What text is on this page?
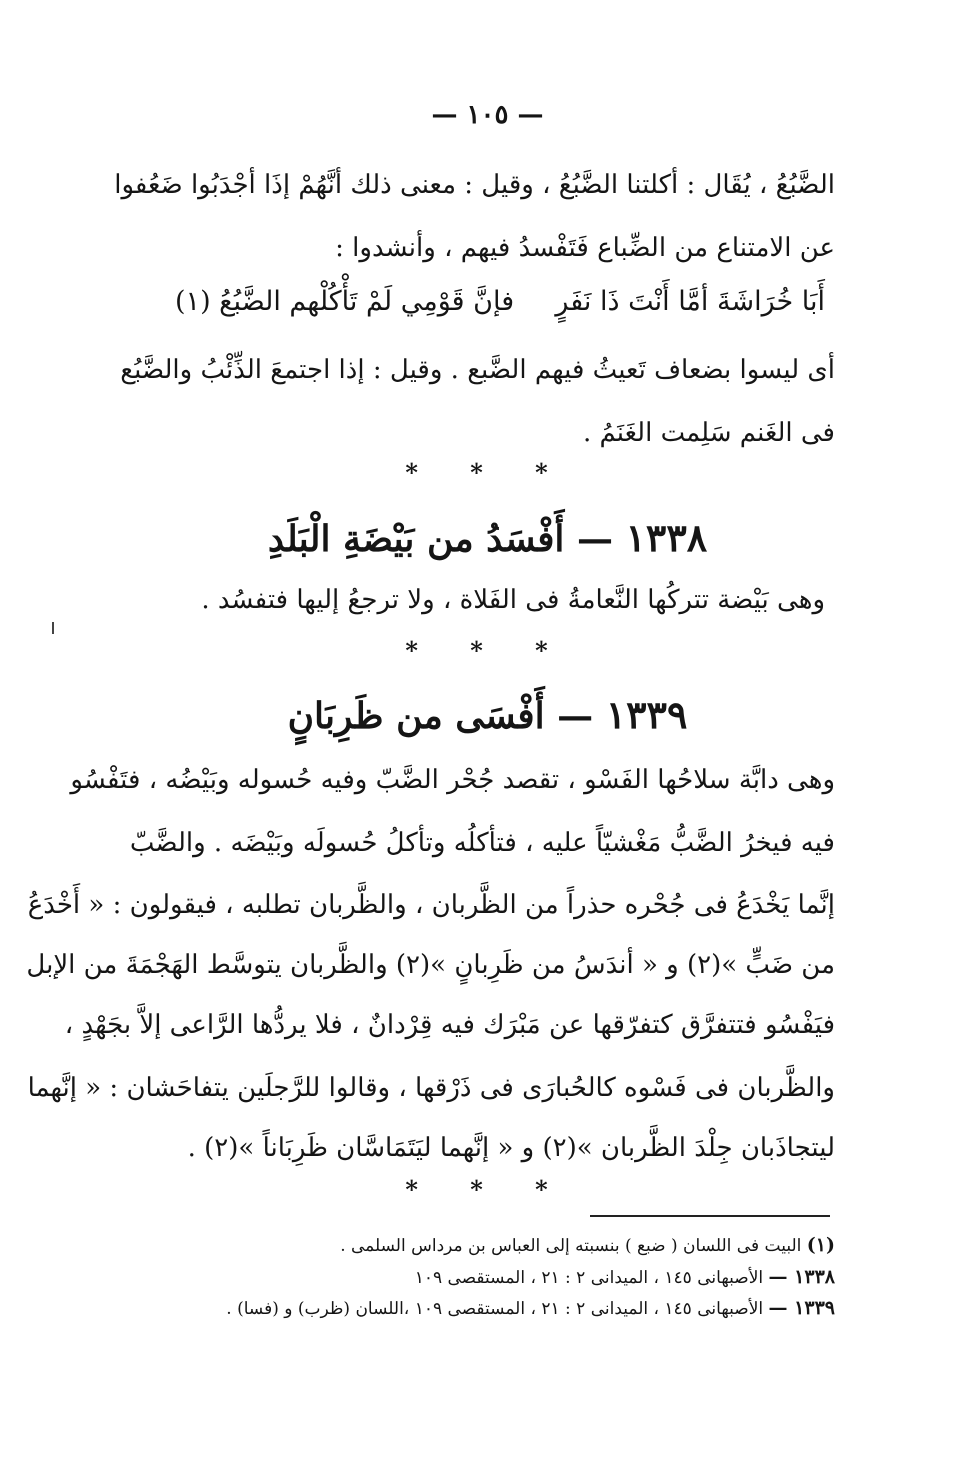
— ١٠٥ —
الضَّبُعُ ، يُقَال : أكلتنا الضَّبُعُ ، وقيل : معنى ذلك أنَّهُمْ إذَا أجْدَبُوا ضَعُفوا
عن الامتناع من الضِّباع فَتَفْسدُ فيهم ، وأنشدوا :
أَبَا خُرَاشَةَ أمَّا أَنْتَ ذَا نَفَرٍ
فإنَّ قَوْمِي لَمْ تَأْكُلْهم الضَّبُعُ (١)
أى ليسوا بضعاف تَعيثُ فيهم الضَّبع . وقيل : إذا اجتمعَ الذِّئْبُ والضَّبُع
فى الغَنم سَلِمت الغَنَمُ .
* * *
١٣٣٨ — أَفْسَدُ من بَيْضَةِ الْبَلَدِ
وهى بَيْضة تتركُها النَّعامةُ فى الفَلاة ، ولا ترجعُ إليها فتفسُد .
* * *
١٣٣٩ — أَفْسَى من ظَرِبَانٍ
وهى دابَّة سلاحُها الفَسْو ، تقصد جُحْر الضَّبّ وفيه حُسوله وبَيْضُه ، فتَفْسُو
فيه فيخرُ الضَّبُّ مَغْشيّاً عليه ، فتأكلُه وتأكلُ حُسولَه وبَيْضَه . والضَّبّ
إنَّما يَخْدَعُ فى جُحْره حذراً من الظَّربان ، والظَّربان تطلبه ، فيقولون : « أَخْدَعُ
من ضَبٍّ »(٢) و « أندَسُ من ظَرِبانٍ »(٢) والظَّربان يتوسَّط الهَجْمَةَ من الإبل
فيَفْسُو فتتفرَّق كتفرّقها عن مَبْرَك فيه قِرْدانٌ ، فلا يردُّها الرَّاعى إلاَّ بجَهْدٍ ،
والظَّربان فى فَسْوه كالحُبارَى فى ذَرْقها ، وقالوا للرَّجلَين يتفاحَشان : « إنَّهما
ليتجاذَبان جِلْدَ الظَّربان »(٢) و « إنَّهما ليَتَمَاسَّان ظَرِبَاناً »(٢) .
* * *
(١) البيت فى اللسان ( ضبع ) بنسبته إلى العباس بن مرداس السلمى .
١٣٣٨ — الأصبهانى ١٤٥ ، الميدانى ٢ : ٢١ ، المستقصى ١٠٩
١٣٣٩ — الأصبهانى ١٤٥ ، الميدانى ٢ : ٢١ ، المستقصى ١٠٩ ،اللسان (ظرب) و (فسا) .
